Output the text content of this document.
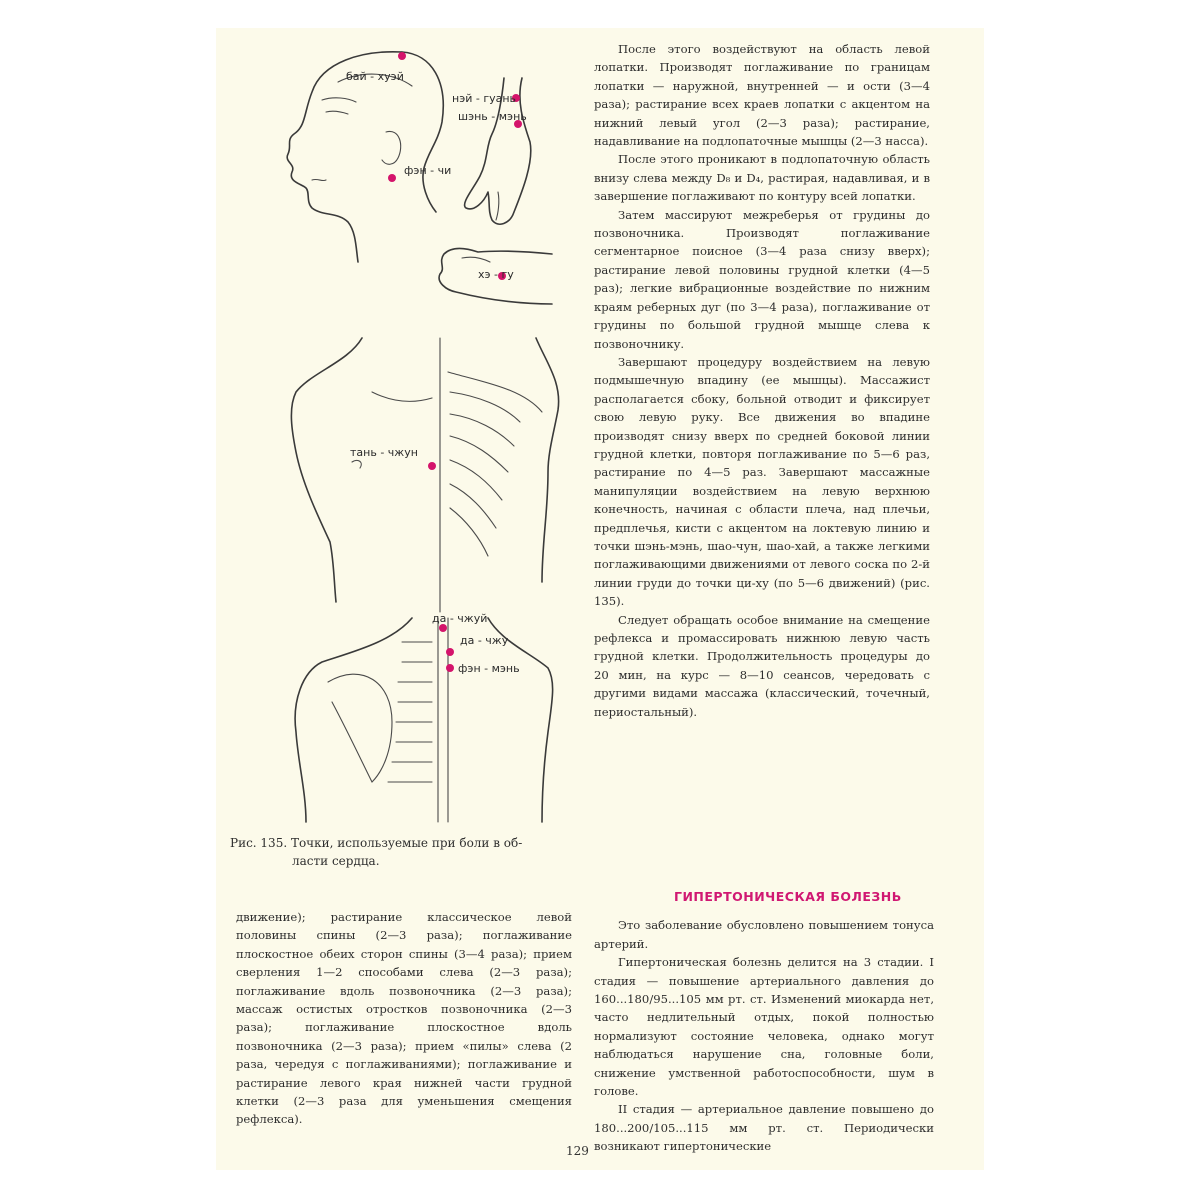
бай - хуэй
нэй - гуань
шэнь - мэнь
фэн - чи
хэ - гу
тань - чжун
да - чжуй
да - чжу
фэн - мэнь
Рис. 135. Точки, используемые при боли в об-
ласти сердца.

После этого воздействуют на область левой лопатки. Производят поглаживание по границам лопатки — наружной, внутренней — и ости (3—4 раза); растирание всех краев лопатки с акцентом на нижний левый угол (2—3 раза); растирание, надавливание на подлопаточные мышцы (2—3 насса).

После этого проникают в подлопаточную область внизу слева между D₈ и D₄, растирая, надавливая, и в завершение поглаживают по контуру всей лопатки.

Затем массируют межреберья от грудины до позвоночника. Производят поглаживание сегментарное поисное (3—4 раза снизу вверх); растирание левой половины грудной клетки (4—5 раз); легкие вибрационные воздействие по нижним краям реберных дуг (по 3—4 раза), поглаживание от грудины по большой грудной мышце слева к позвоночнику.

Завершают процедуру воздействием на левую подмышечную впадину (ее мышцы). Массажист располагается сбоку, больной отводит и фиксирует свою левую руку. Все движения во впадине производят снизу вверх по средней боковой линии грудной клетки, повторя поглаживание по 5—6 раз, растирание по 4—5 раз. Завершают массажные манипуляции воздействием на левую верхнюю конечность, начиная с области плеча, над плечьи, предплечья, кисти с акцентом на локтевую линию и точки шэнь-мэнь, шао-чун, шао-хай, а также легкими поглаживающими движениями от левого соска по 2-й линии груди до точки ци-ху (по 5—6 движений) (рис. 135).

Следует обращать особое внимание на смещение рефлекса и промассировать нижнюю левую часть грудной клетки. Продолжительность процедуры до 20 мин, на курс — 8—10 сеансов, чередовать с другими видами массажа (классический, точечный, периостальный).

движение); растирание классическое левой половины спины (2—3 раза); поглаживание плоскостное обеих сторон спины (3—4 раза); прием сверления 1—2 способами слева (2—3 раза); поглаживание вдоль позвоночника (2—3 раза); массаж остистых отростков позвоночника (2—3 раза); поглаживание плоскостное вдоль позвоночника (2—3 раза); прием «пилы» слева (2 раза, чередуя с поглаживаниями); поглаживание и растирание левого края нижней части грудной клетки (2—3 раза для уменьшения смещения рефлекса).

ГИПЕРТОНИЧЕСКАЯ БОЛЕЗНЬ

Это заболевание обусловлено повышением тонуса артерий.

Гипертоническая болезнь делится на 3 стадии. I стадия — повышение артериального давления до 160...180/95...105 мм рт. ст. Изменений миокарда нет, часто недлительный отдых, покой полностью нормализуют состояние человека, однако могут наблюдаться нарушение сна, головные боли, снижение умственной работоспособности, шум в голове.

II стадия — артериальное давление повышено до 180...200/105...115 мм рт. ст. Периодически возникают гипертонические

129
